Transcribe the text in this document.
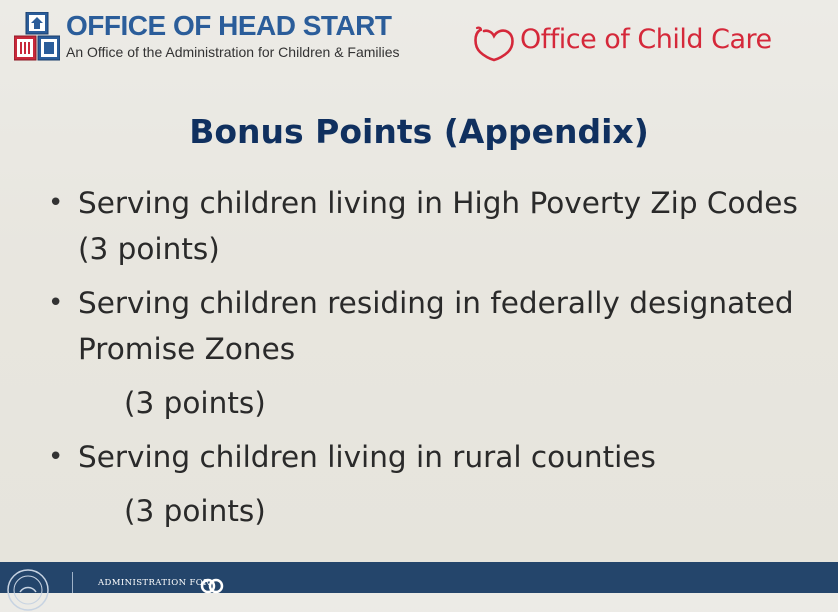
OFFICE OF HEAD START
An Office of the Administration for Children & Families	Office of Child Care
Bonus Points (Appendix)
• Serving children living in High Poverty Zip Codes (3 points)
• Serving children residing in federally designated Promise Zones
(3 points)
• Serving children living in rural counties
(3 points)
ADMINISTRATION FOR
